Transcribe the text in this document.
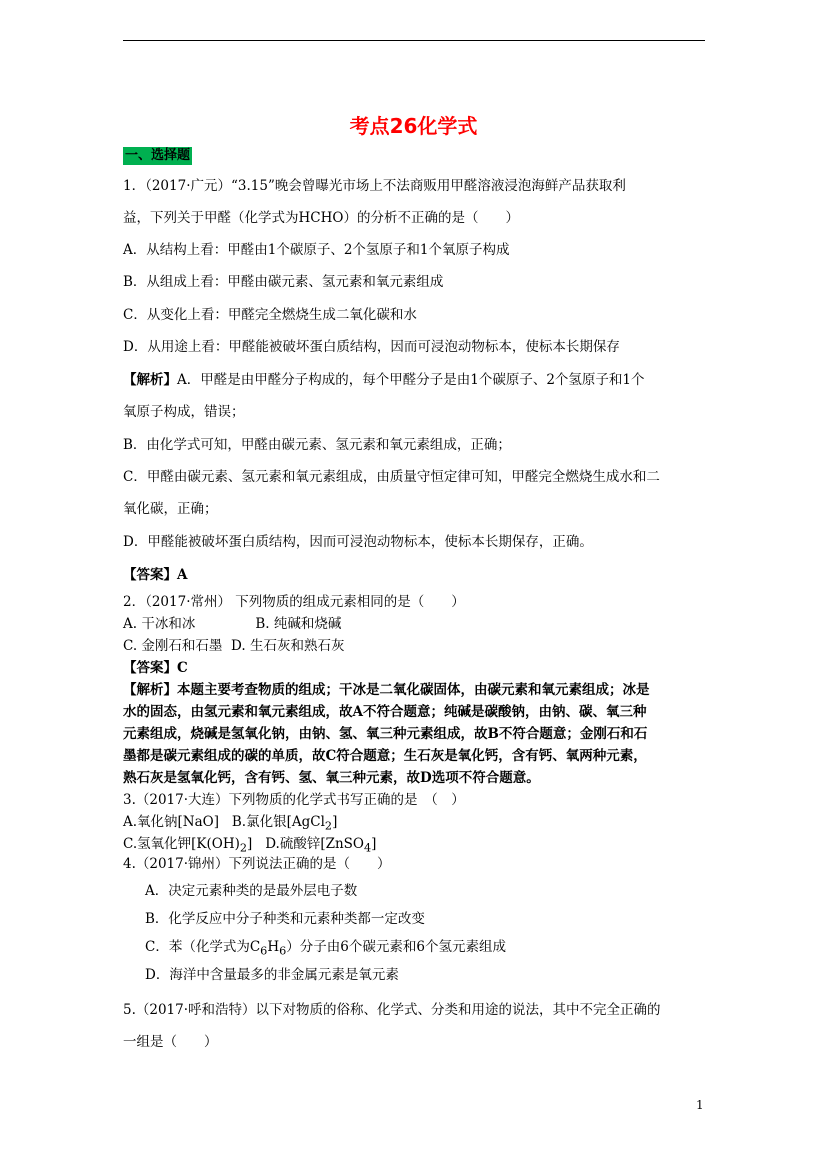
考点26化学式
一、选择题
1．（2017·广元）“3.15”晚会曾曝光市场上不法商贩用甲醛溶液浸泡海鲜产品获取利
益，下列关于甲醛（化学式为HCHO）的分析不正确的是（　　）
A．从结构上看：甲醛由1个碳原子、2个氢原子和1个氧原子构成
B．从组成上看：甲醛由碳元素、氢元素和氧元素组成
C．从变化上看：甲醛完全燃烧生成二氧化碳和水
D．从用途上看：甲醛能被破坏蛋白质结构，因而可浸泡动物标本，使标本长期保存
【解析】A．甲醛是由甲醛分子构成的，每个甲醛分子是由1个碳原子、2个氢原子和1个
氧原子构成，错误；
B．由化学式可知，甲醛由碳元素、氢元素和氧元素组成，正确；
C．甲醛由碳元素、氢元素和氧元素组成，由质量守恒定律可知，甲醛完全燃烧生成水和二
氧化碳，正确；
D．甲醛能被破坏蛋白质结构，因而可浸泡动物标本，使标本长期保存，正确。
【答案】A
2．（2017·常州） 下列物质的组成元素相同的是（　　）
A. 干冰和冰	B. 纯碱和烧碱
C. 金刚石和石墨 D. 生石灰和熟石灰
【答案】C
【解析】本题主要考查物质的组成；干冰是二氧化碳固体，由碳元素和氧元素组成；冰是
水的固态，由氢元素和氧元素组成，故A不符合题意；纯碱是碳酸钠，由钠、碳、氧三种
元素组成，烧碱是氢氧化钠，由钠、氢、氧三种元素组成，故B不符合题意；金刚石和石
墨都是碳元素组成的碳的单质，故C符合题意；生石灰是氧化钙，含有钙、氧两种元素，
熟石灰是氢氧化钙，含有钙、氢、氧三种元素，故D选项不符合题意。
3.（2017·大连）下列物质的化学式书写正确的是　（　）
A.氧化钠[NaO] B.氯化银[AgCl$_2$]
C.氢氧化钾$[K(OH)_2]$ D.硫酸锌[ZnSO$_4$]
4.（2017·锦州）下列说法正确的是（　　）
A．决定元素种类的是最外层电子数
B．化学反应中分子种类和元素种类都一定改变
C．苯（化学式为$C_6H_6$）分子由6个碳元素和6个氢元素组成
D．海洋中含量最多的非金属元素是氧元素
5.（2017·呼和浩特）以下对物质的俗称、化学式、分类和用途的说法，其中不完全正确的
一组是（　　）
1
